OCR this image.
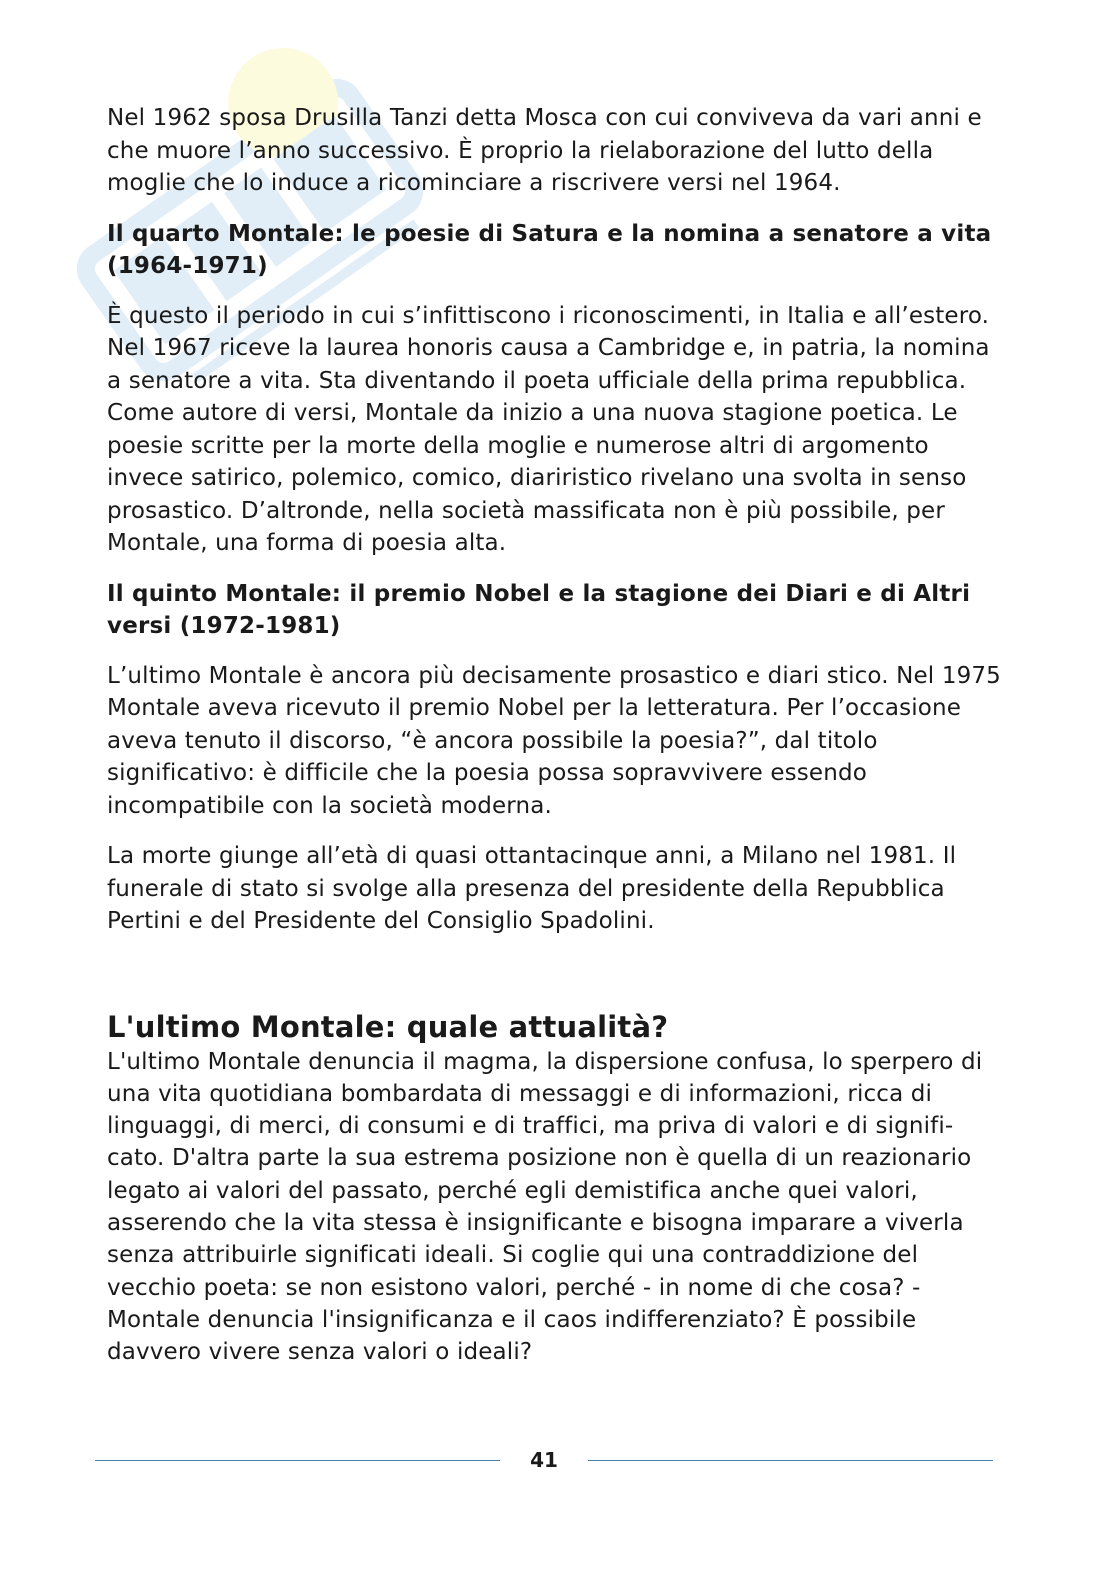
Nel 1962 sposa Drusilla Tanzi detta Mosca con cui conviveva da vari anni e che muore l’anno successivo. È proprio la rielaborazione del lutto della moglie che lo induce a ricominciare a riscrivere versi nel 1964.

Il quarto Montale: le poesie di Satura e la nomina a senatore a vita (1964-1971)

È questo il periodo in cui s’infittiscono i riconoscimenti, in Italia e all’estero. Nel 1967 riceve la laurea honoris causa a Cambridge e, in patria, la nomina a senatore a vita. Sta diventando il poeta ufficiale della prima repubblica. Come autore di versi, Montale da inizio a una nuova stagione poetica. Le poesie scritte per la morte della moglie e numerose altri di argomento invece satirico, polemico, comico, diariristico rivelano una svolta in senso prosastico. D’altronde, nella società massificata non è più possibile, per Montale, una forma di poesia alta.

Il quinto Montale: il premio Nobel e la stagione dei Diari e di Altri versi (1972-1981)

L’ultimo Montale è ancora più decisamente prosastico e diari stico. Nel 1975 Montale aveva ricevuto il premio Nobel per la letteratura. Per l’occasione aveva tenuto il discorso, “è ancora possibile la poesia?”, dal titolo significativo: è difficile che la poesia possa sopravvivere essendo incompatibile con la società moderna.

La morte giunge all’età di quasi ottantacinque anni, a Milano nel 1981. Il funerale di stato si svolge alla presenza del presidente della Repubblica Pertini e del Presidente del Consiglio Spadolini.

L'ultimo Montale: quale attualità?

L'ultimo Montale denuncia il magma, la dispersione confusa, lo sperpero di una vita quotidiana bombardata di messaggi e di informazioni, ricca di linguaggi, di merci, di consumi e di traffici, ma priva di valori e di signifi-cato. D'altra parte la sua estrema posizione non è quella di un reazionario legato ai valori del passato, perché egli demistifica anche quei valori, asserendo che la vita stessa è insignificante e bisogna imparare a viverla senza attribuirle significati ideali. Si coglie qui una contraddizione del vecchio poeta: se non esistono valori, perché - in nome di che cosa? - Montale denuncia l'insignificanza e il caos indifferenziato? È possibile davvero vivere senza valori o ideali?

41
